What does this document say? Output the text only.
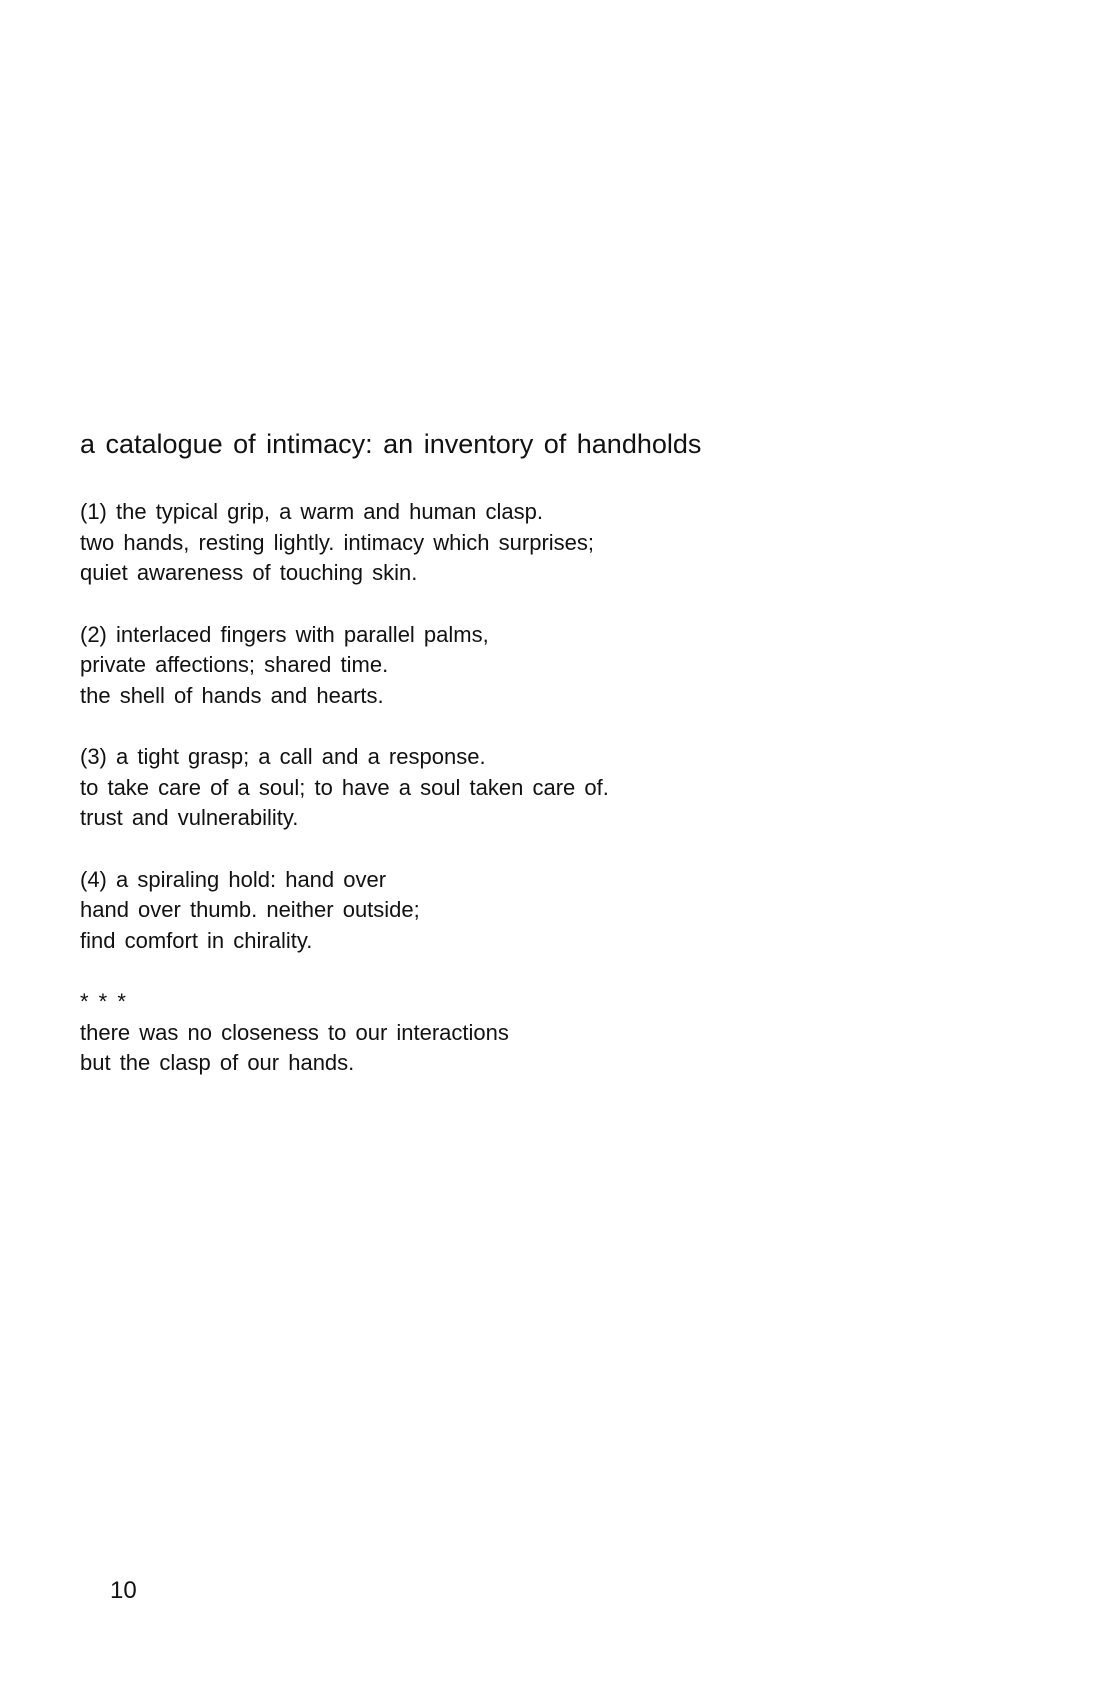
a catalogue of intimacy: an inventory of handholds
(1) the typical grip, a warm and human clasp.
two hands, resting lightly. intimacy which surprises;
quiet awareness of touching skin.
(2) interlaced fingers with parallel palms,
private affections; shared time.
the shell of hands and hearts.
(3) a tight grasp; a call and a response.
to take care of a soul; to have a soul taken care of.
trust and vulnerability.
(4) a spiraling hold: hand over
hand over thumb. neither outside;
find comfort in chirality.
* * *
there was no closeness to our interactions
but the clasp of our hands.
10
